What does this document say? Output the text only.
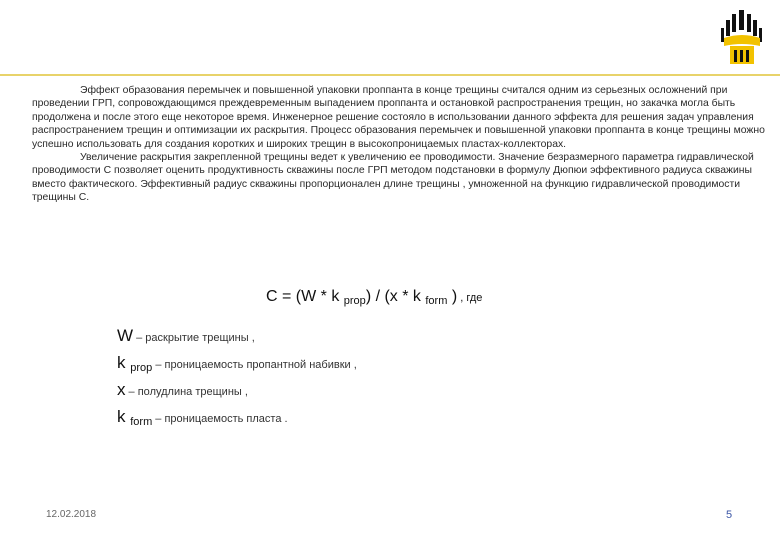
Эффект образования перемычек и повышенной упаковки проппанта в конце трещины считался одним из серьезных осложнений при проведении ГРП, сопровождающимся преждевременным выпадением проппанта и остановкой распространения трещин, но закачка могла быть продолжена и после этого еще некоторое время. Инженерное решение состояло в использовании данного эффекта для решения задач управления распространением трещин и оптимизации их раскрытия. Процесс образования перемычек и повышенной упаковки проппанта в конце трещины можно успешно использовать для создания коротких и широких трещин в высокопроницаемых пластах-коллекторах.

Увеличение раскрытия закрепленной трещины ведет к увеличению ее проводимости. Значение безразмерного параметра гидравлической проводимости С позволяет оценить продуктивность скважины после ГРП методом подстановки в формулу Дюпюи эффективного радиуса скважины вместо фактического. Эффективный радиус скважины пропорционален длине трещины , умноженной на функцию гидравлической проводимости трещины С.

C = (W * k $_{prop}$) / (x * k $_{form}$ ) , где
W – раскрытие трещины ,
k $_{prop}$ – проницаемость пропантной набивки ,
x – полудлина трещины ,
k $_{form}$ – проницаемость пласта .
12.02.2018	5
